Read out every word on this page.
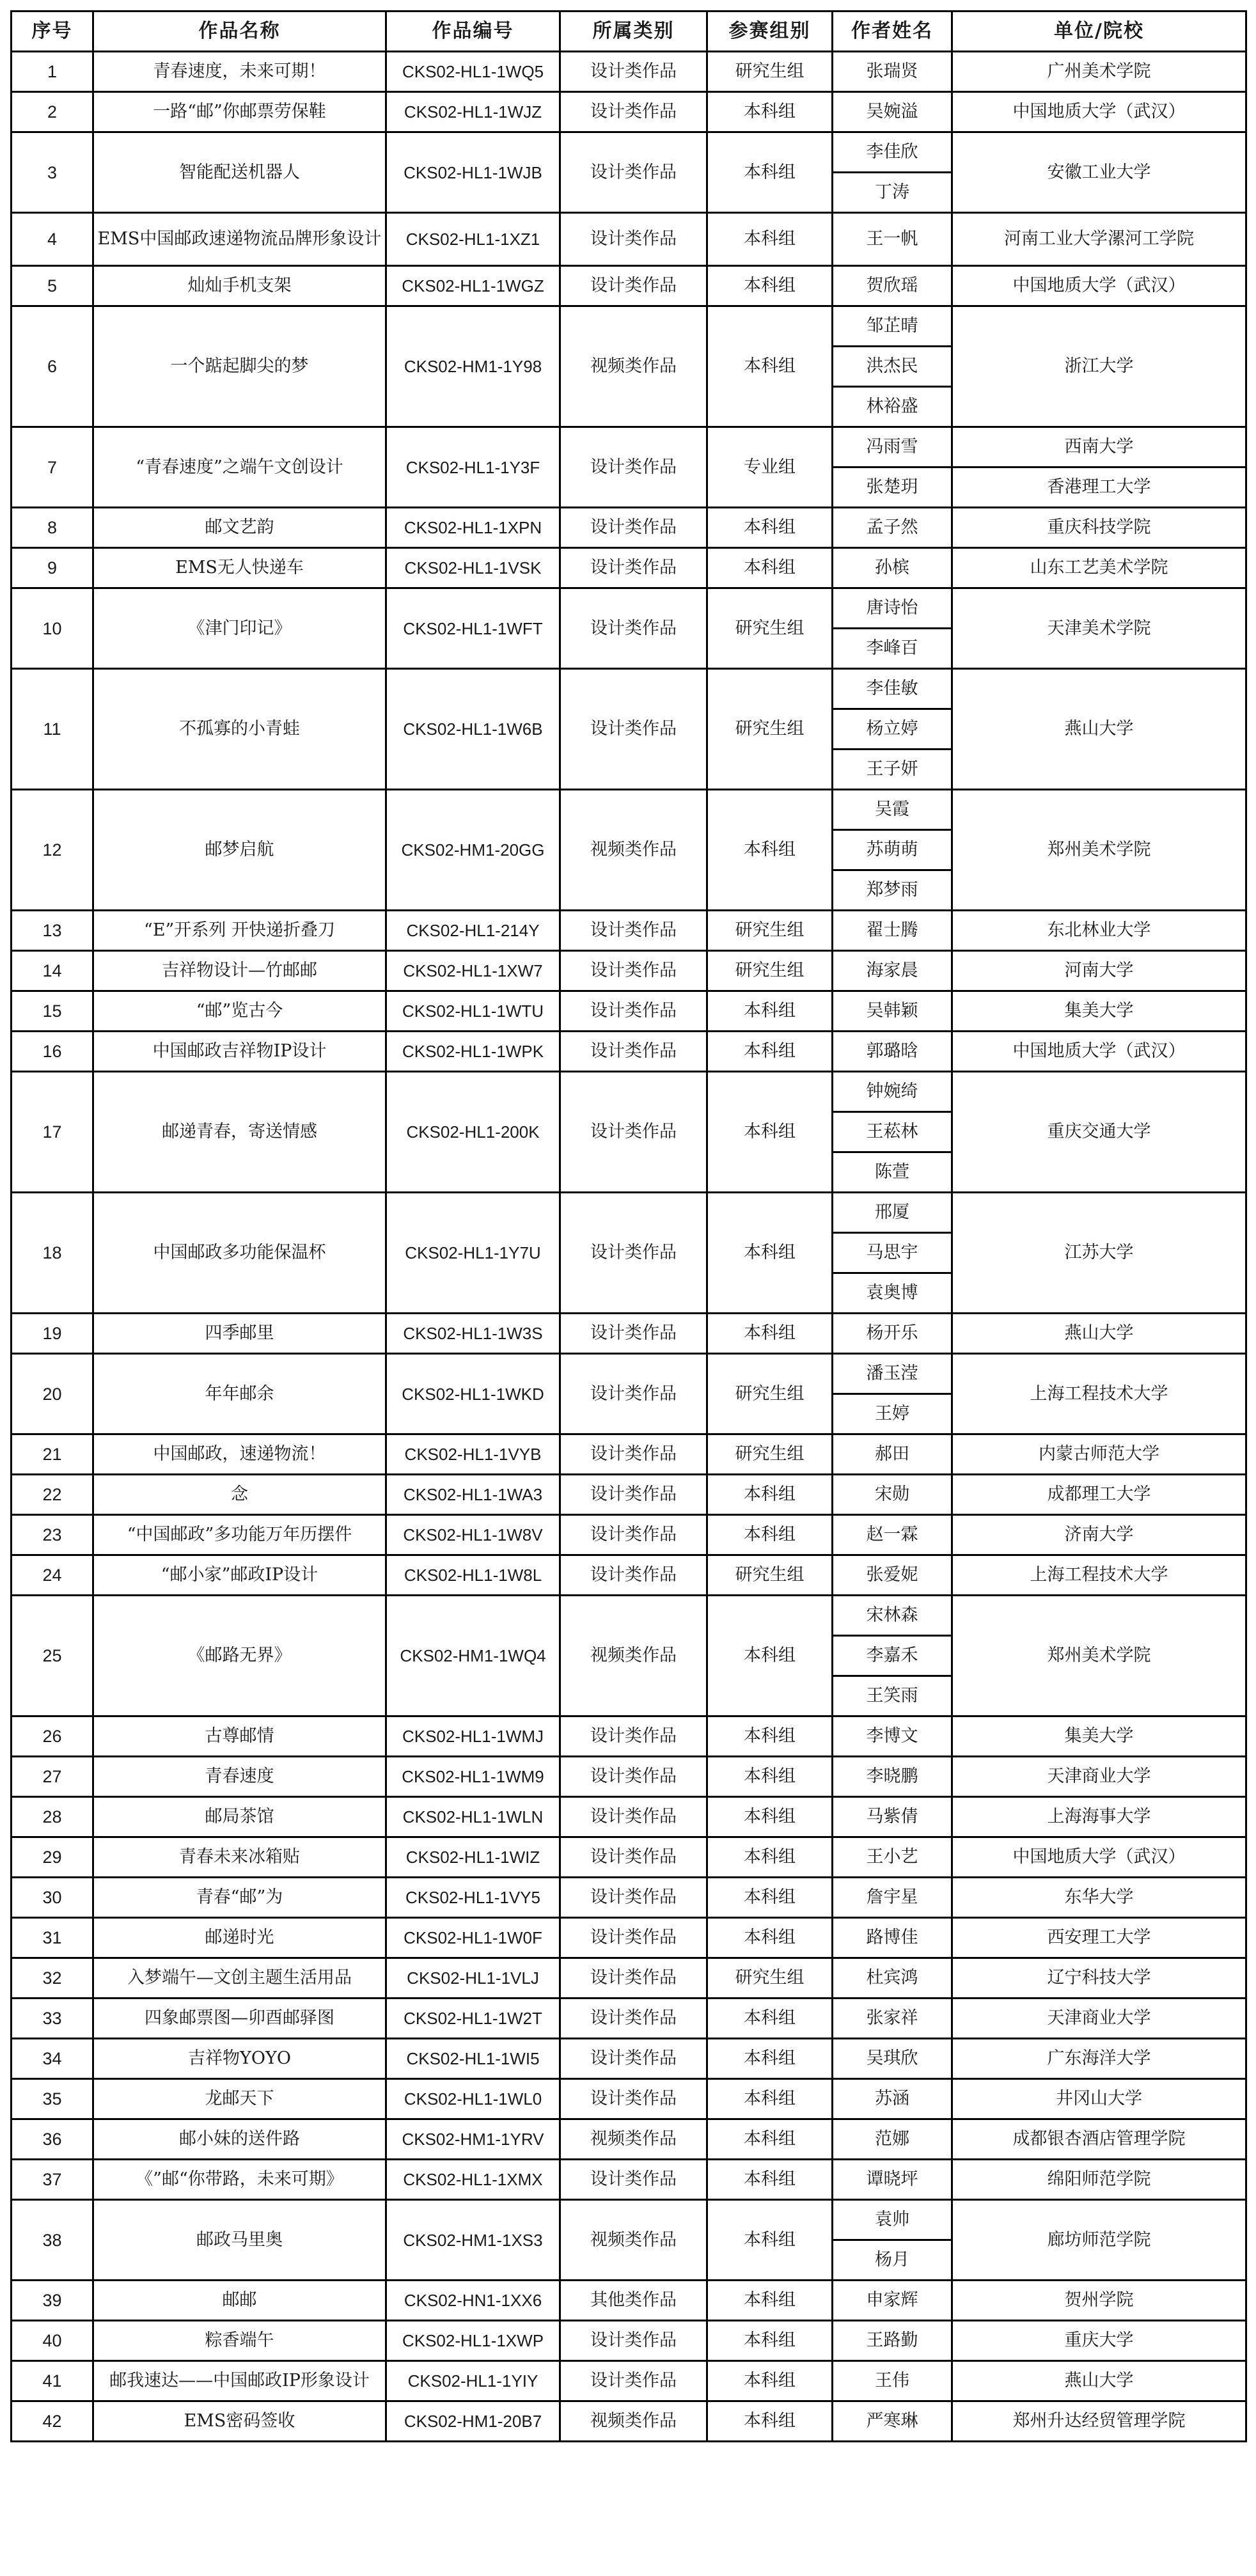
序号	作品名称	作品编号	所属类别	参赛组别	作者姓名	单位/院校
1	青春速度，未来可期！	CKS02-HL1-1WQ5	设计类作品	研究生组	张瑞贤	广州美术学院
2	一路“邮”你邮票劳保鞋	CKS02-HL1-1WJZ	设计类作品	本科组	吴婉溢	中国地质大学（武汉）
3	智能配送机器人	CKS02-HL1-1WJB	设计类作品	本科组	李佳欣	安徽工业大学
					丁涛	
4	EMS中国邮政速递物流品牌形象设计	CKS02-HL1-1XZ1	设计类作品	本科组	王一帆	河南工业大学漯河工学院
5	灿灿手机支架	CKS02-HL1-1WGZ	设计类作品	本科组	贺欣瑶	中国地质大学（武汉）
6	一个踮起脚尖的梦	CKS02-HM1-1Y98	视频类作品	本科组	邹芷晴	浙江大学
					洪杰民	
					林裕盛	
7	“青春速度”之端午文创设计	CKS02-HL1-1Y3F	设计类作品	专业组	冯雨雪	西南大学
					张楚玥	香港理工大学
8	邮文艺韵	CKS02-HL1-1XPN	设计类作品	本科组	孟子然	重庆科技学院
9	EMS无人快递车	CKS02-HL1-1VSK	设计类作品	本科组	孙槟	山东工艺美术学院
10	《津门印记》	CKS02-HL1-1WFT	设计类作品	研究生组	唐诗怡	天津美术学院
					李峰百	
11	不孤寡的小青蛙	CKS02-HL1-1W6B	设计类作品	研究生组	李佳敏	燕山大学
					杨立婷	
					王子妍	
12	邮梦启航	CKS02-HM1-20GG	视频类作品	本科组	吴霞	郑州美术学院
					苏萌萌	
					郑梦雨	
13	“E”开系列 开快递折叠刀	CKS02-HL1-214Y	设计类作品	研究生组	翟士腾	东北林业大学
14	吉祥物设计—竹邮邮	CKS02-HL1-1XW7	设计类作品	研究生组	海家晨	河南大学
15	“邮”览古今	CKS02-HL1-1WTU	设计类作品	本科组	吴韩颖	集美大学
16	中国邮政吉祥物IP设计	CKS02-HL1-1WPK	设计类作品	本科组	郭璐晗	中国地质大学（武汉）
17	邮递青春，寄送情感	CKS02-HL1-200K	设计类作品	本科组	钟婉绮	重庆交通大学
					王菘林	
					陈萱	
18	中国邮政多功能保温杯	CKS02-HL1-1Y7U	设计类作品	本科组	邢厦	江苏大学
					马思宇	
					袁奥博	
19	四季邮里	CKS02-HL1-1W3S	设计类作品	本科组	杨开乐	燕山大学
20	年年邮余	CKS02-HL1-1WKD	设计类作品	研究生组	潘玉滢	上海工程技术大学
					王婷	
21	中国邮政，速递物流！	CKS02-HL1-1VYB	设计类作品	研究生组	郝田	内蒙古师范大学
22	念	CKS02-HL1-1WA3	设计类作品	本科组	宋勋	成都理工大学
23	“中国邮政”多功能万年历摆件	CKS02-HL1-1W8V	设计类作品	本科组	赵一霖	济南大学
24	“邮小家”邮政IP设计	CKS02-HL1-1W8L	设计类作品	研究生组	张爱妮	上海工程技术大学
25	《邮路无界》	CKS02-HM1-1WQ4	视频类作品	本科组	宋林森	郑州美术学院
					李嘉禾	
					王笑雨	
26	古尊邮情	CKS02-HL1-1WMJ	设计类作品	本科组	李博文	集美大学
27	青春速度	CKS02-HL1-1WM9	设计类作品	本科组	李晓鹏	天津商业大学
28	邮局茶馆	CKS02-HL1-1WLN	设计类作品	本科组	马紫倩	上海海事大学
29	青春未来冰箱贴	CKS02-HL1-1WIZ	设计类作品	本科组	王小艺	中国地质大学（武汉）
30	青春“邮”为	CKS02-HL1-1VY5	设计类作品	本科组	詹宇星	东华大学
31	邮递时光	CKS02-HL1-1W0F	设计类作品	本科组	路博佳	西安理工大学
32	入梦端午—文创主题生活用品	CKS02-HL1-1VLJ	设计类作品	研究生组	杜宾鸿	辽宁科技大学
33	四象邮票图—卯酉邮驿图	CKS02-HL1-1W2T	设计类作品	本科组	张家祥	天津商业大学
34	吉祥物YOYO	CKS02-HL1-1WI5	设计类作品	本科组	吴琪欣	广东海洋大学
35	龙邮天下	CKS02-HL1-1WL0	设计类作品	本科组	苏涵	井冈山大学
36	邮小妹的送件路	CKS02-HM1-1YRV	视频类作品	本科组	范娜	成都银杏酒店管理学院
37	《”邮“你带路，未来可期》	CKS02-HL1-1XMX	设计类作品	本科组	谭晓坪	绵阳师范学院
38	邮政马里奥	CKS02-HM1-1XS3	视频类作品	本科组	袁帅	廊坊师范学院
					杨月	
39	邮邮	CKS02-HN1-1XX6	其他类作品	本科组	申家辉	贺州学院
40	粽香端午	CKS02-HL1-1XWP	设计类作品	本科组	王路勤	重庆大学
41	邮我速达——中国邮政IP形象设计	CKS02-HL1-1YIY	设计类作品	本科组	王伟	燕山大学
42	EMS密码签收	CKS02-HM1-20B7	视频类作品	本科组	严寒琳	郑州升达经贸管理学院
